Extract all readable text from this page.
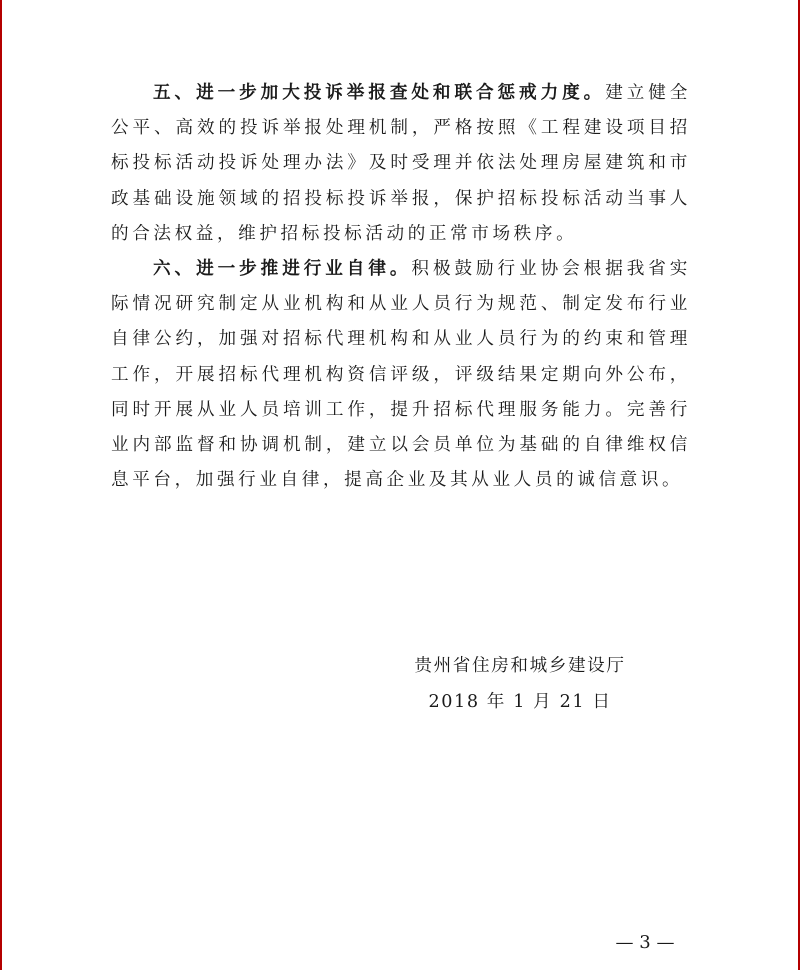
五、进一步加大投诉举报查处和联合惩戒力度。建立健全公平、高效的投诉举报处理机制，严格按照《工程建设项目招标投标活动投诉处理办法》及时受理并依法处理房屋建筑和市政基础设施领域的招投标投诉举报，保护招标投标活动当事人的合法权益，维护招标投标活动的正常市场秩序。

六、进一步推进行业自律。积极鼓励行业协会根据我省实际情况研究制定从业机构和从业人员行为规范、制定发布行业自律公约，加强对招标代理机构和从业人员行为的约束和管理工作，开展招标代理机构资信评级，评级结果定期向外公布，同时开展从业人员培训工作，提升招标代理服务能力。完善行业内部监督和协调机制，建立以会员单位为基础的自律维权信息平台，加强行业自律，提高企业及其从业人员的诚信意识。

贵州省住房和城乡建设厅
2018 年 1 月 21 日
— 3 —
